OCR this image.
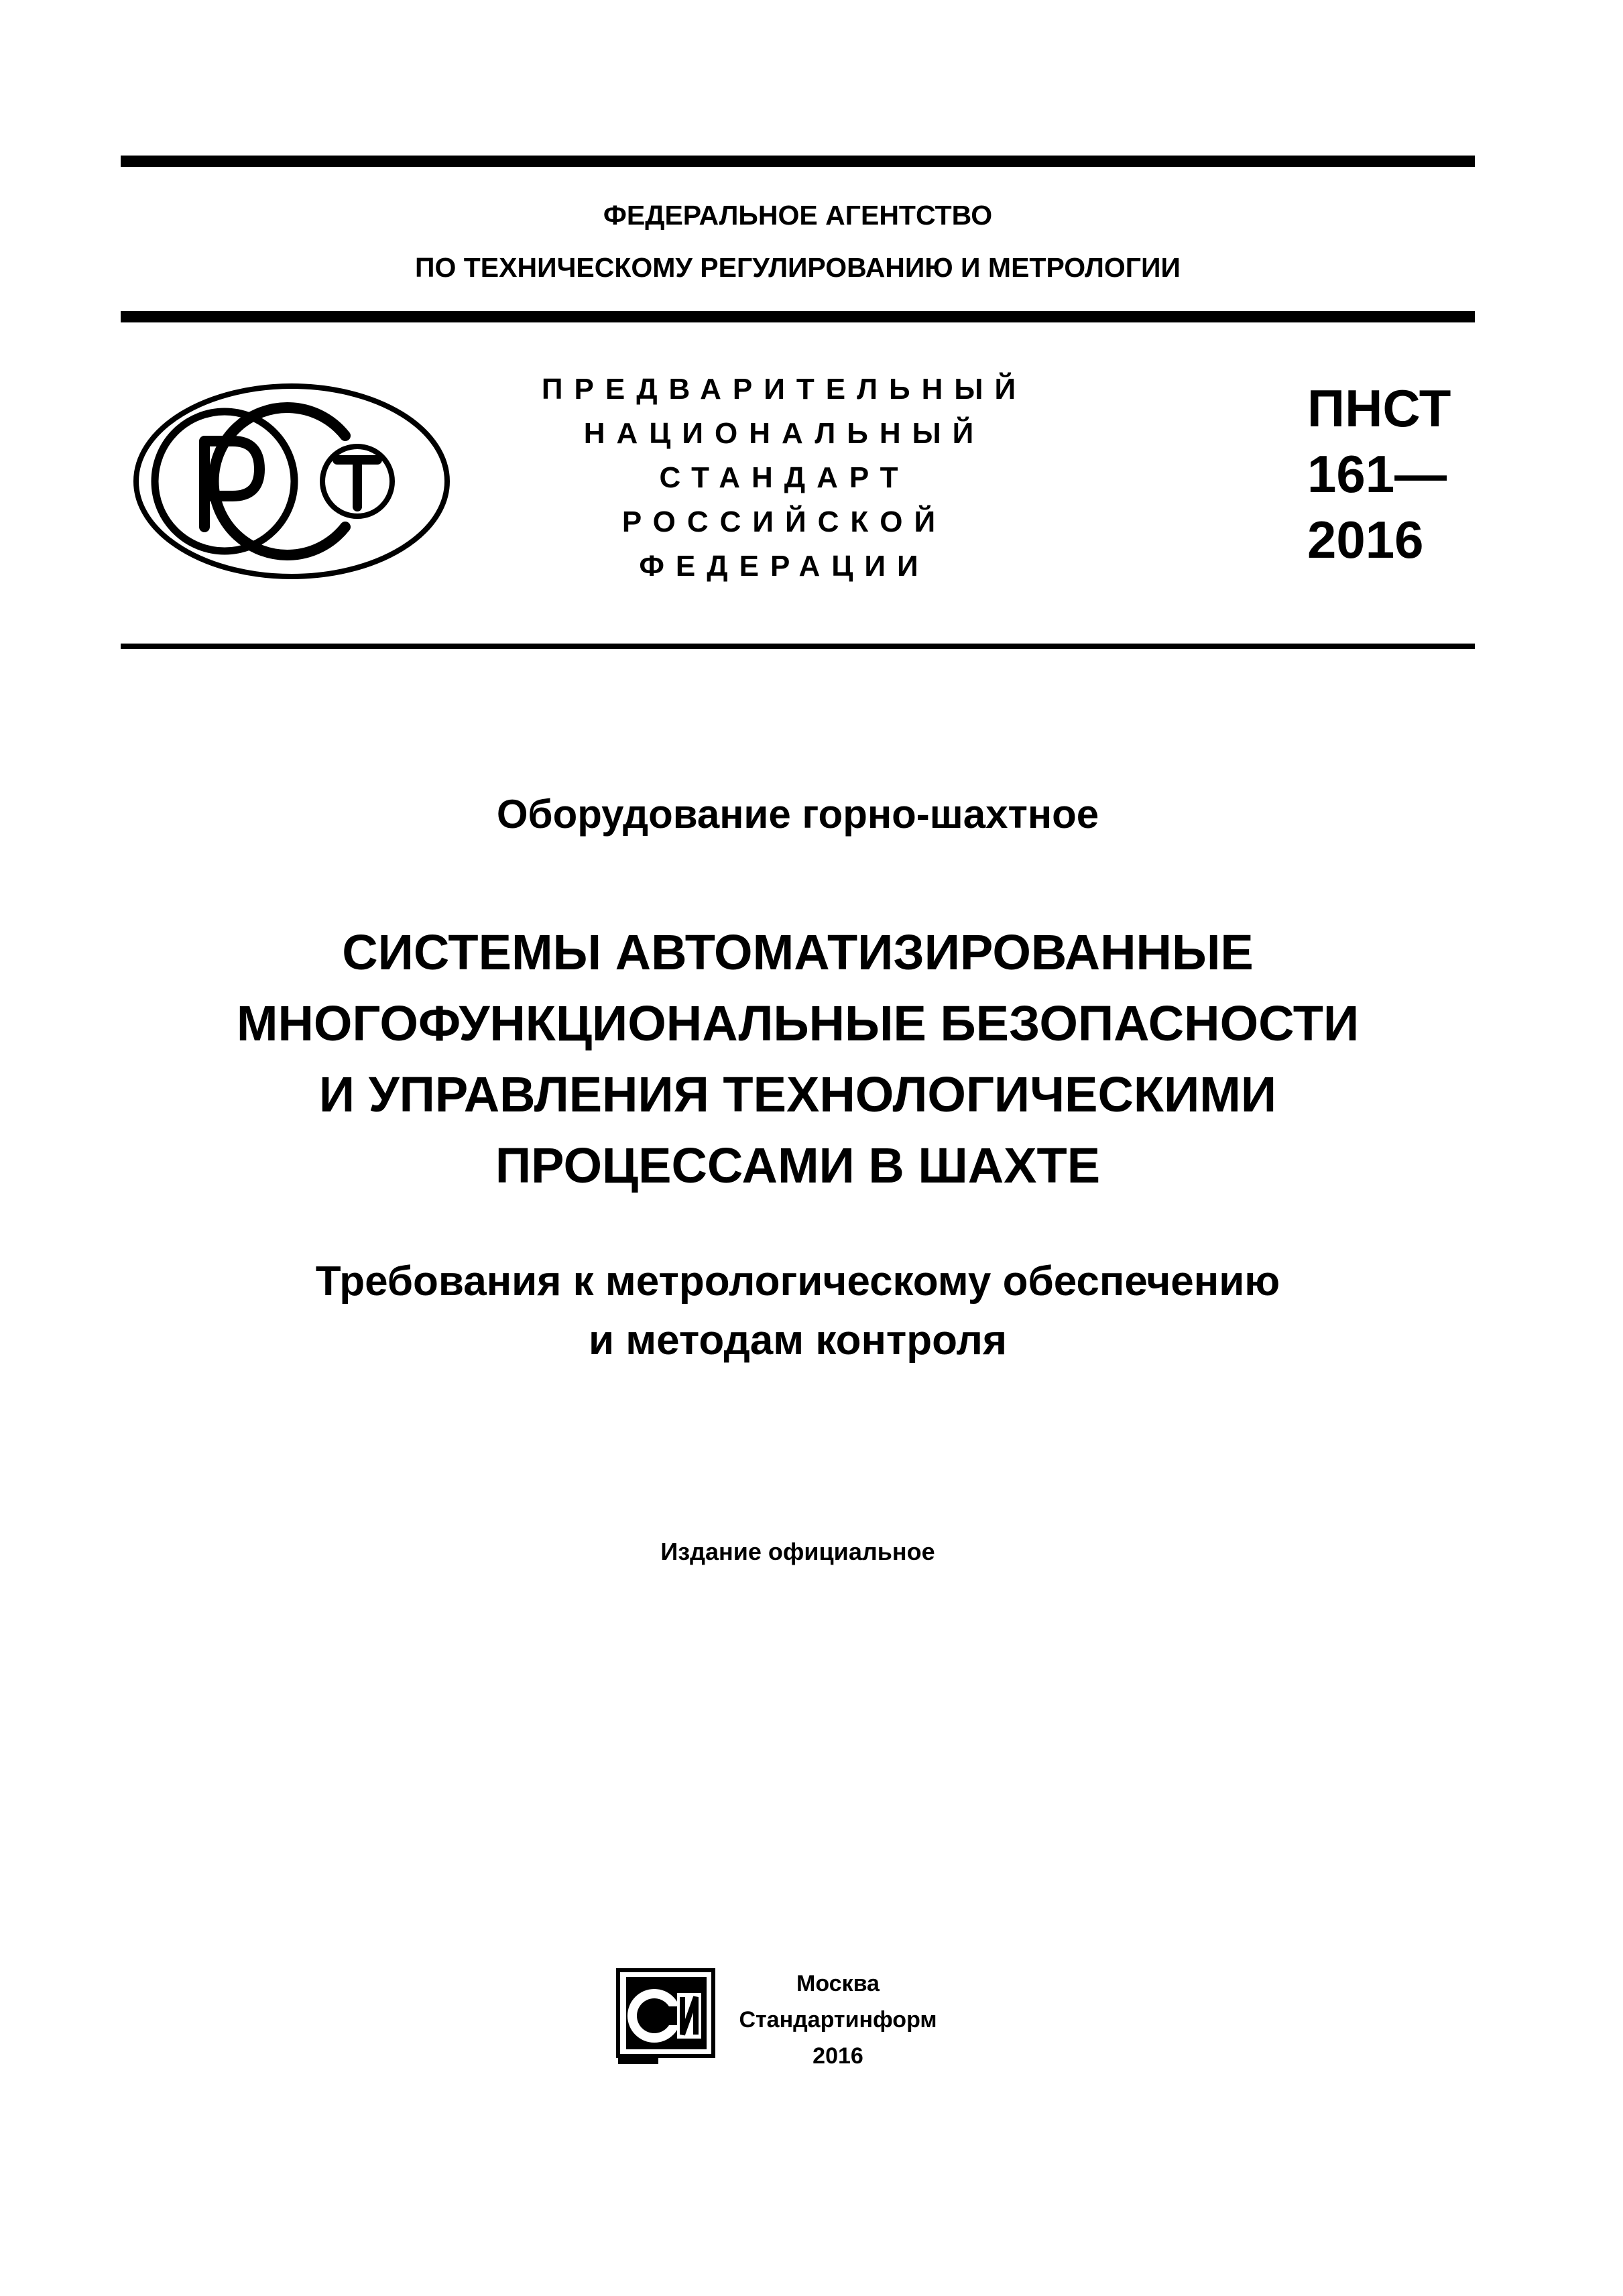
ФЕДЕРАЛЬНОЕ АГЕНТСТВО
ПО ТЕХНИЧЕСКОМУ РЕГУЛИРОВАНИЮ И МЕТРОЛОГИИ
ПРЕДВАРИТЕЛЬНЫЙ
НАЦИОНАЛЬНЫЙ
СТАНДАРТ
РОССИЙСКОЙ
ФЕДЕРАЦИИ
ПНСТ
161—
2016
Оборудование горно-шахтное
СИСТЕМЫ АВТОМАТИЗИРОВАННЫЕ
МНОГОФУНКЦИОНАЛЬНЫЕ БЕЗОПАСНОСТИ
И УПРАВЛЕНИЯ ТЕХНОЛОГИЧЕСКИМИ
ПРОЦЕССАМИ В ШАХТЕ
Требования к метрологическому обеспечению
и методам контроля
Издание официальное
Москва
Стандартинформ
2016
